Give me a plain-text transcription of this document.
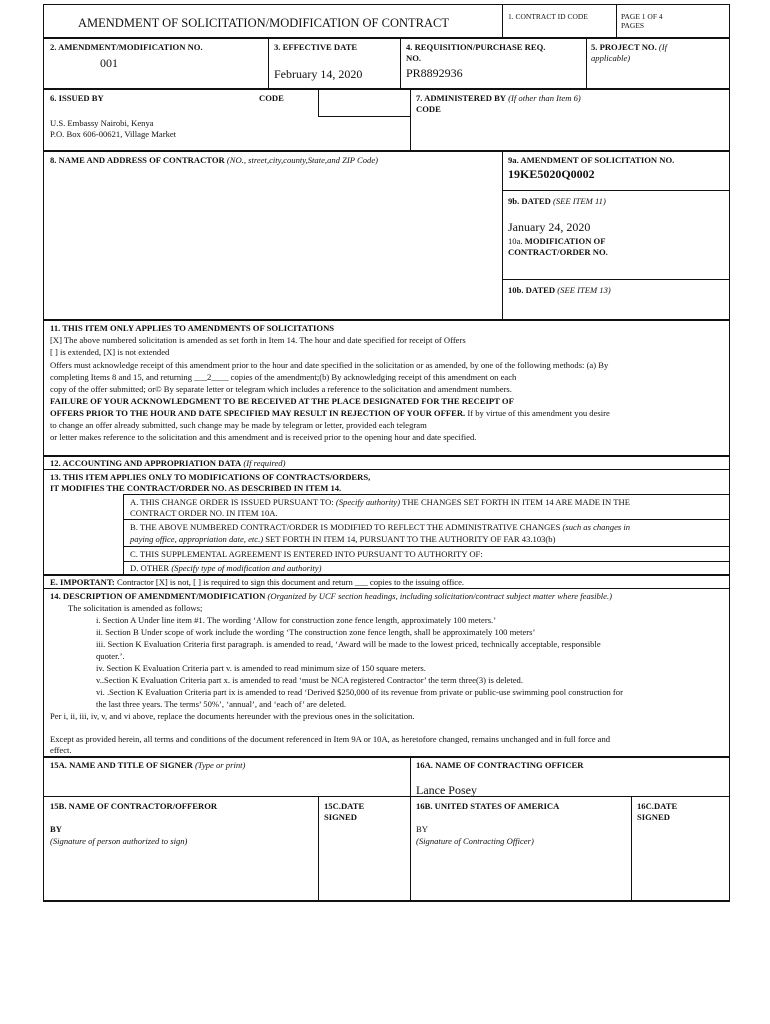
AMENDMENT OF SOLICITATION/MODIFICATION OF CONTRACT	1. CONTRACT ID CODE	PAGE 1 OF 4
PAGES
2. AMENDMENT/MODIFICATION NO.
001
3. EFFECTIVE DATE
February 14, 2020
4. REQUISITION/PURCHASE REQ.
NO.
PR8892936
5. PROJECT NO. (If
applicable)
6. ISSUED BY	CODE
U.S. Embassy Nairobi, Kenya
P.O. Box 606-00621, Village Market
7. ADMINISTERED BY (If other than Item 6)
CODE
8. NAME AND ADDRESS OF CONTRACTOR (NO., street,city,county,State,and ZIP Code)	9a. AMENDMENT OF SOLICITATION NO.
19KE5020Q0002
9b. DATED (SEE ITEM 11)
January 24, 2020
10a. MODIFICATION OF
CONTRACT/ORDER NO.
10b. DATED (SEE ITEM 13)
11. THIS ITEM ONLY APPLIES TO AMENDMENTS OF SOLICITATIONS
[X] The above numbered solicitation is amended as set forth in Item 14. The hour and date specified for receipt of Offers
[ ] is extended, [X] is not extended
Offers must acknowledge receipt of this amendment prior to the hour and date specified in the solicitation or as amended, by one of the following methods: (a) By
completing Items 8 and 15, and returning ___2____ copies of the amendment;(b) By acknowledging receipt of this amendment on each
copy of the offer submitted; or© By separate letter or telegram which includes a reference to the solicitation and amendment numbers.
FAILURE OF YOUR ACKNOWLEDGMENT TO BE RECEIVED AT THE PLACE DESIGNATED FOR THE RECEIPT OF
OFFERS PRIOR TO THE HOUR AND DATE SPECIFIED MAY RESULT IN REJECTION OF YOUR OFFER. If by virtue of this amendment you desire
to change an offer already submitted, such change may be made by telegram or letter, provided each telegram
or letter makes reference to the solicitation and this amendment and is received prior to the opening hour and date specified.
12. ACCOUNTING AND APPROPRIATION DATA (If required)
13. THIS ITEM APPLIES ONLY TO MODIFICATIONS OF CONTRACTS/ORDERS,
IT MODIFIES THE CONTRACT/ORDER NO. AS DESCRIBED IN ITEM 14.
A. THIS CHANGE ORDER IS ISSUED PURSUANT TO: (Specify authority) THE CHANGES SET FORTH IN ITEM 14 ARE MADE IN THE
CONTRACT ORDER NO. IN ITEM 10A.
B. THE ABOVE NUMBERED CONTRACT/ORDER IS MODIFIED TO REFLECT THE ADMINISTRATIVE CHANGES (such as changes in
paying office, appropriation date, etc.) SET FORTH IN ITEM 14, PURSUANT TO THE AUTHORITY OF FAR 43.103(b)
C. THIS SUPPLEMENTAL AGREEMENT IS ENTERED INTO PURSUANT TO AUTHORITY OF:
D. OTHER (Specify type of modification and authority)
E. IMPORTANT: Contractor [X] is not, [ ] is required to sign this document and return ___ copies to the issuing office.
14. DESCRIPTION OF AMENDMENT/MODIFICATION (Organized by UCF section headings, including solicitation/contract subject matter where feasible.)
The solicitation is amended as follows;
i. Section A Under line item #1. The wording ‘Allow for construction zone fence length, approximately 100 meters.’
ii. Section B Under scope of work include the wording ‘The construction zone fence length, shall be approximately 100 meters’
iii. Section K Evaluation Criteria first paragraph. is amended to read, ‘Award will be made to the lowest priced, technically acceptable, responsible
quoter.’.
iv. Section K Evaluation Criteria part v. is amended to read minimum size of 150 square meters.
v..Section K Evaluation Criteria part x. is amended to read ‘must be NCA registered Contractor’ the term three(3) is deleted.
vi. .Section K Evaluation Criteria part ix is amended to read ‘Derived $250,000 of its revenue from private or public-use swimming pool construction for
the last three years. The terms’ 50%’, ‘annual’, and ‘each of’ are deleted.
Per i, ii, iii, iv, v, and vi above, replace the documents hereunder with the previous ones in the solicitation.
Except as provided herein, all terms and conditions of the document referenced in Item 9A or 10A, as heretofore changed, remains unchanged and in full force and
effect.
15A. NAME AND TITLE OF SIGNER (Type or print)	16A. NAME OF CONTRACTING OFFICER
Lance Posey
15B. NAME OF CONTRACTOR/OFFEROR
BY
(Signature of person authorized to sign)
15C.DATE
SIGNED
16B. UNITED STATES OF AMERICA
BY
(Signature of Contracting Officer)
16C.DATE
SIGNED
